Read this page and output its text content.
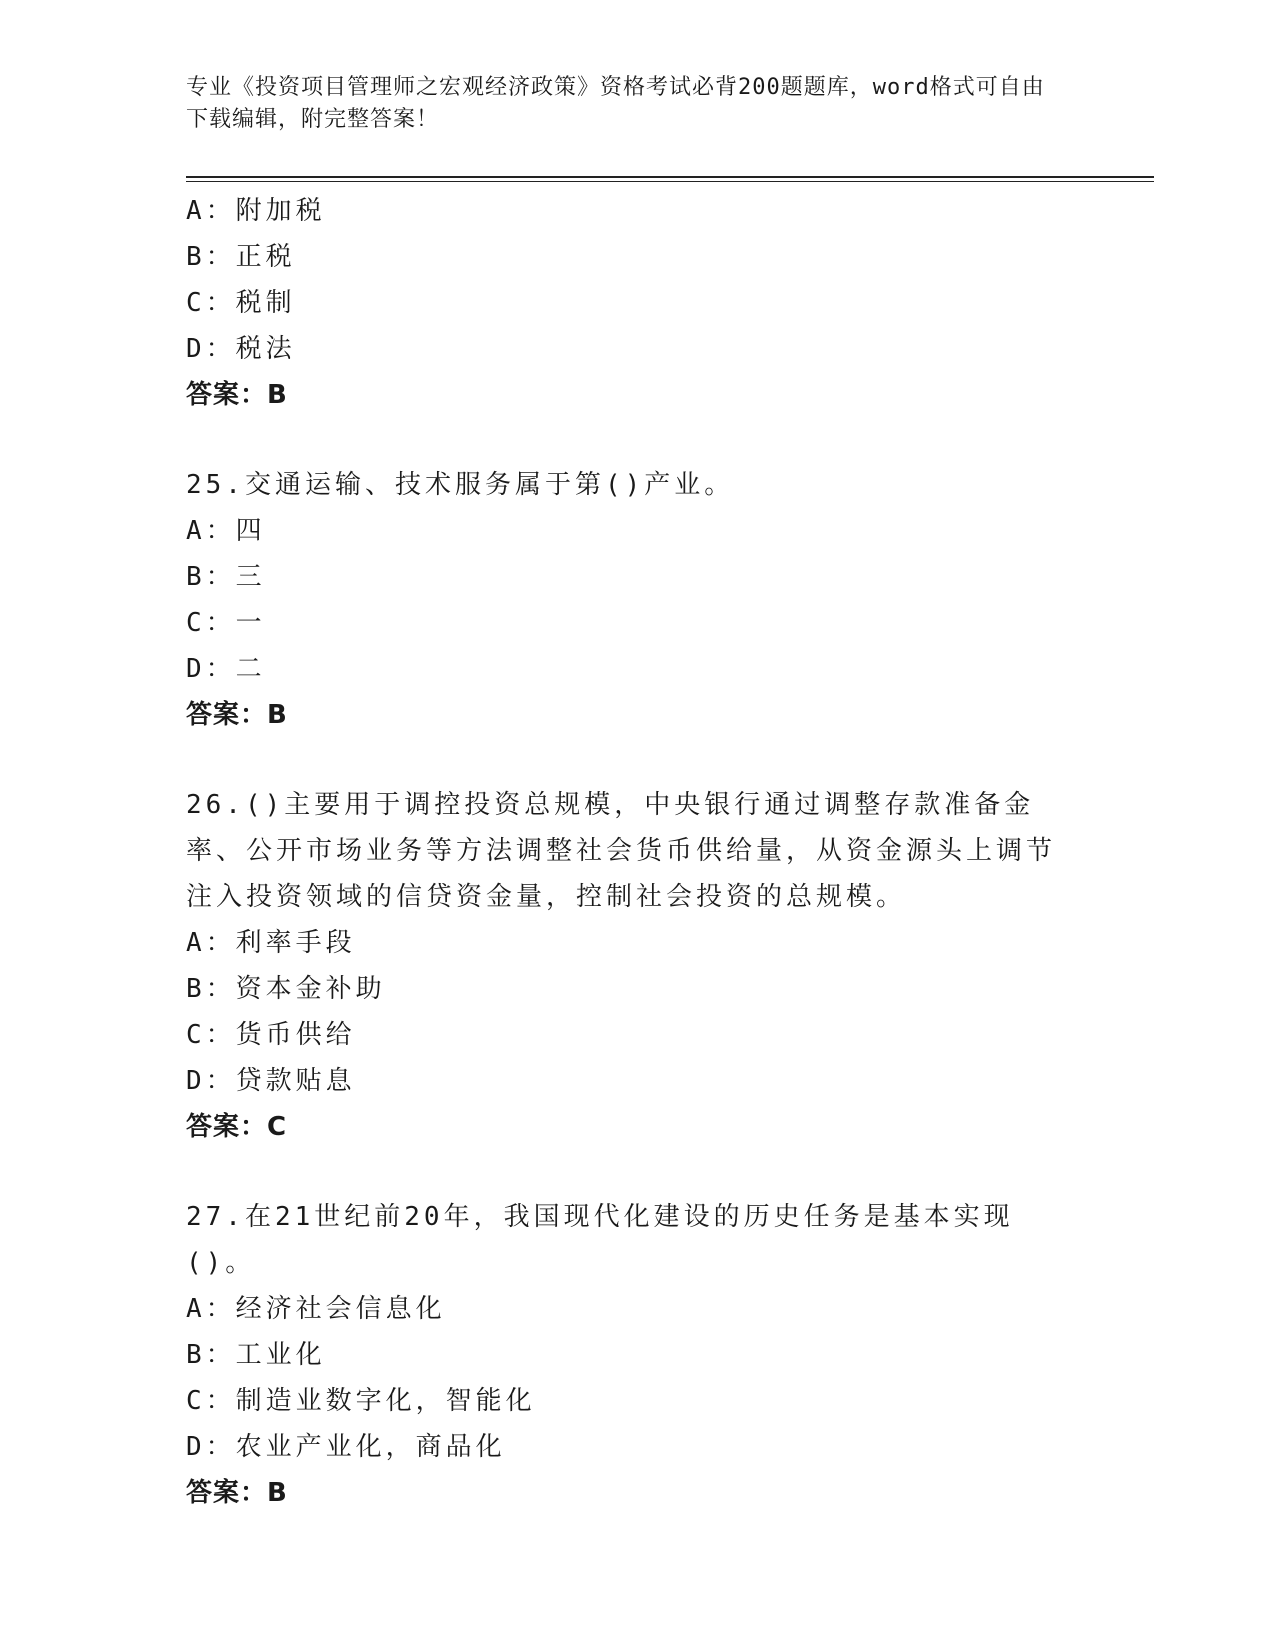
专业《投资项目管理师之宏观经济政策》资格考试必背200题题库，word格式可自由下载编辑，附完整答案！
A：附加税
B：正税
C：税制
D：税法
答案：B
25.交通运输、技术服务属于第()产业。
A：四
B：三
C：一
D：二
答案：B
26.()主要用于调控投资总规模，中央银行通过调整存款准备金率、公开市场业务等方法调整社会货币供给量，从资金源头上调节注入投资领域的信贷资金量，控制社会投资的总规模。
A：利率手段
B：资本金补助
C：货币供给
D：贷款贴息
答案：C
27.在21世纪前20年，我国现代化建设的历史任务是基本实现()。
A：经济社会信息化
B：工业化
C：制造业数字化，智能化
D：农业产业化，商品化
答案：B
